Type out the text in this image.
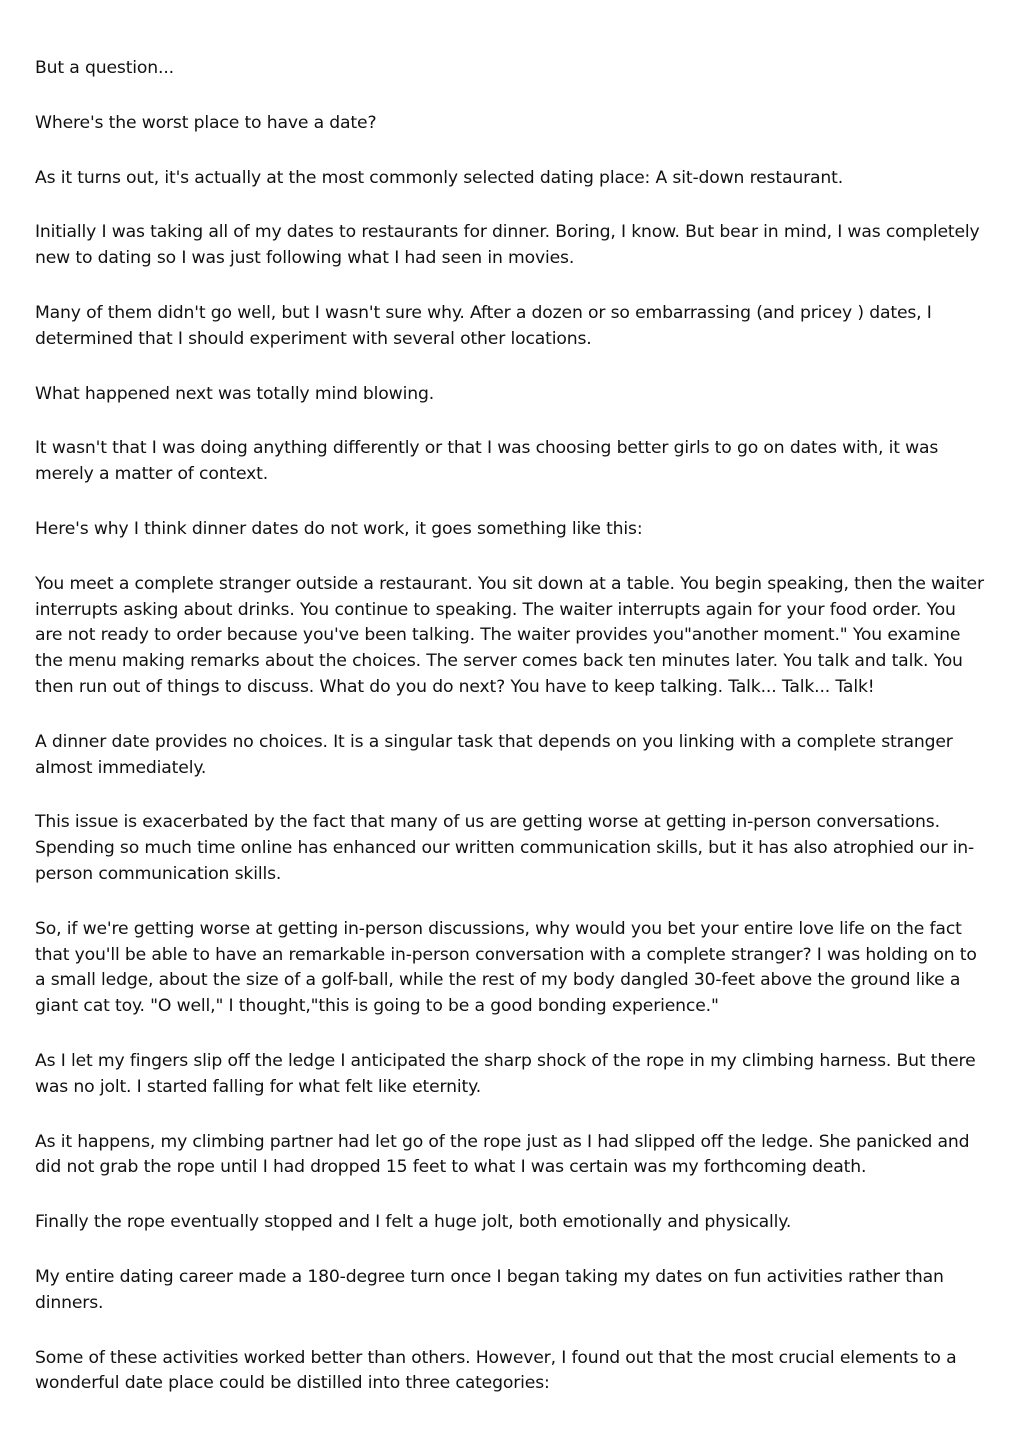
But a question...

Where's the worst place to have a date?

As it turns out, it's actually at the most commonly selected dating place: A sit-down restaurant.

Initially I was taking all of my dates to restaurants for dinner. Boring, I know. But bear in mind, I was completely new to dating so I was just following what I had seen in movies.

Many of them didn't go well, but I wasn't sure why. After a dozen or so embarrassing (and pricey ) dates, I determined that I should experiment with several other locations.

What happened next was totally mind blowing.

It wasn't that I was doing anything differently or that I was choosing better girls to go on dates with, it was merely a matter of context.

Here's why I think dinner dates do not work, it goes something like this:

You meet a complete stranger outside a restaurant. You sit down at a table. You begin speaking, then the waiter interrupts asking about drinks. You continue to speaking. The waiter interrupts again for your food order. You are not ready to order because you've been talking. The waiter provides you"another moment." You examine the menu making remarks about the choices. The server comes back ten minutes later. You talk and talk. You then run out of things to discuss. What do you do next? You have to keep talking. Talk... Talk... Talk!

A dinner date provides no choices. It is a singular task that depends on you linking with a complete stranger almost immediately.

This issue is exacerbated by the fact that many of us are getting worse at getting in-person conversations. Spending so much time online has enhanced our written communication skills, but it has also atrophied our in-person communication skills.

So, if we're getting worse at getting in-person discussions, why would you bet your entire love life on the fact that you'll be able to have an remarkable in-person conversation with a complete stranger? I was holding on to a small ledge, about the size of a golf-ball, while the rest of my body dangled 30-feet above the ground like a giant cat toy. "O well," I thought,"this is going to be a good bonding experience."

As I let my fingers slip off the ledge I anticipated the sharp shock of the rope in my climbing harness. But there was no jolt. I started falling for what felt like eternity.

As it happens, my climbing partner had let go of the rope just as I had slipped off the ledge. She panicked and did not grab the rope until I had dropped 15 feet to what I was certain was my forthcoming death.

Finally the rope eventually stopped and I felt a huge jolt, both emotionally and physically.

My entire dating career made a 180-degree turn once I began taking my dates on fun activities rather than dinners.

Some of these activities worked better than others. However, I found out that the most crucial elements to a wonderful date place could be distilled into three categories:
